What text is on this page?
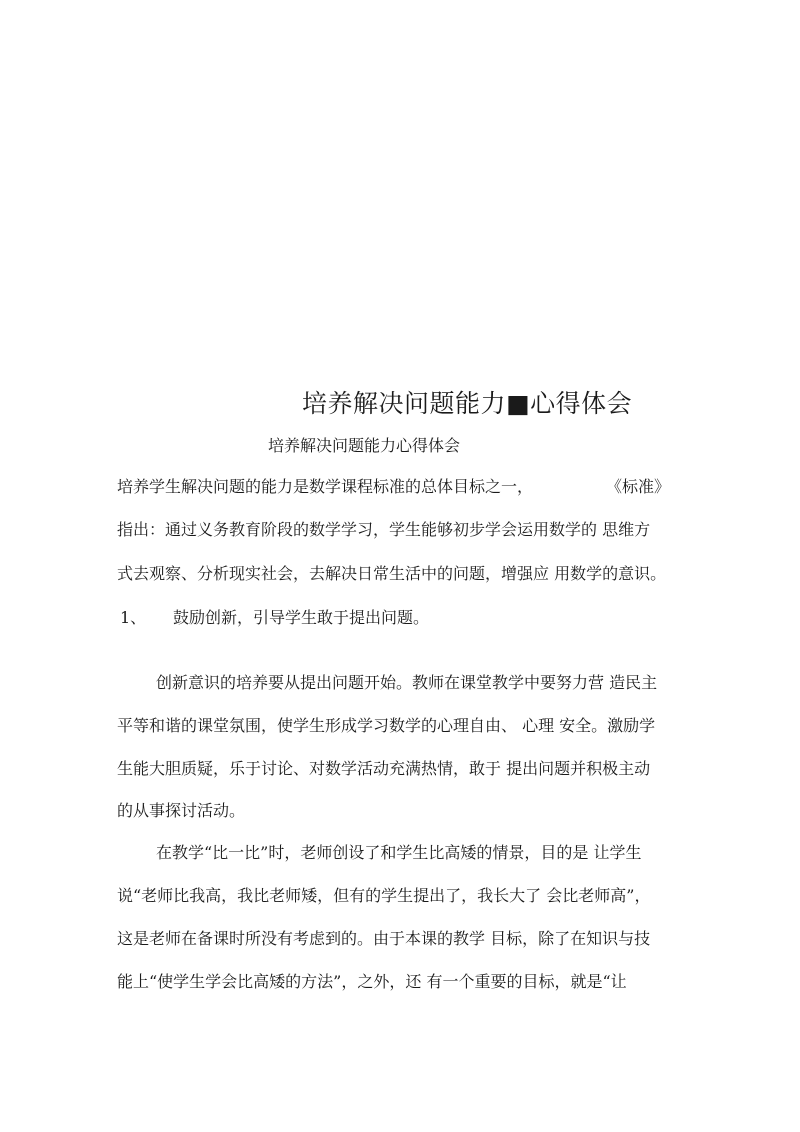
培养解决问题能力■心得体会
培养解决问题能力心得体会
培养学生解决问题的能力是数学课程标准的总体目标之一，	《标准》
指出：通过义务教育阶段的数学学习，学生能够初步学会运用数学的 思维方
式去观察、分析现实社会，去解决日常生活中的问题，增强应 用数学的意识。
1、 鼓励创新，引导学生敢于提出问题。
创新意识的培养要从提出问题开始。教师在课堂教学中要努力营 造民主
平等和谐的课堂氛围，使学生形成学习数学的心理自由、 心理 安全。激励学
生能大胆质疑，乐于讨论、对数学活动充满热情，敢于 提出问题并积极主动
的从事探讨活动。
在教学“比一比”时，老师创设了和学生比高矮的情景，目的是 让学生
说“老师比我高，我比老师矮，但有的学生提出了，我长大了 会比老师高”，
这是老师在备课时所没有考虑到的。由于本课的教学 目标，除了在知识与技
能上“使学生学会比高矮的方法”，之外，还 有一个重要的目标，就是“让
